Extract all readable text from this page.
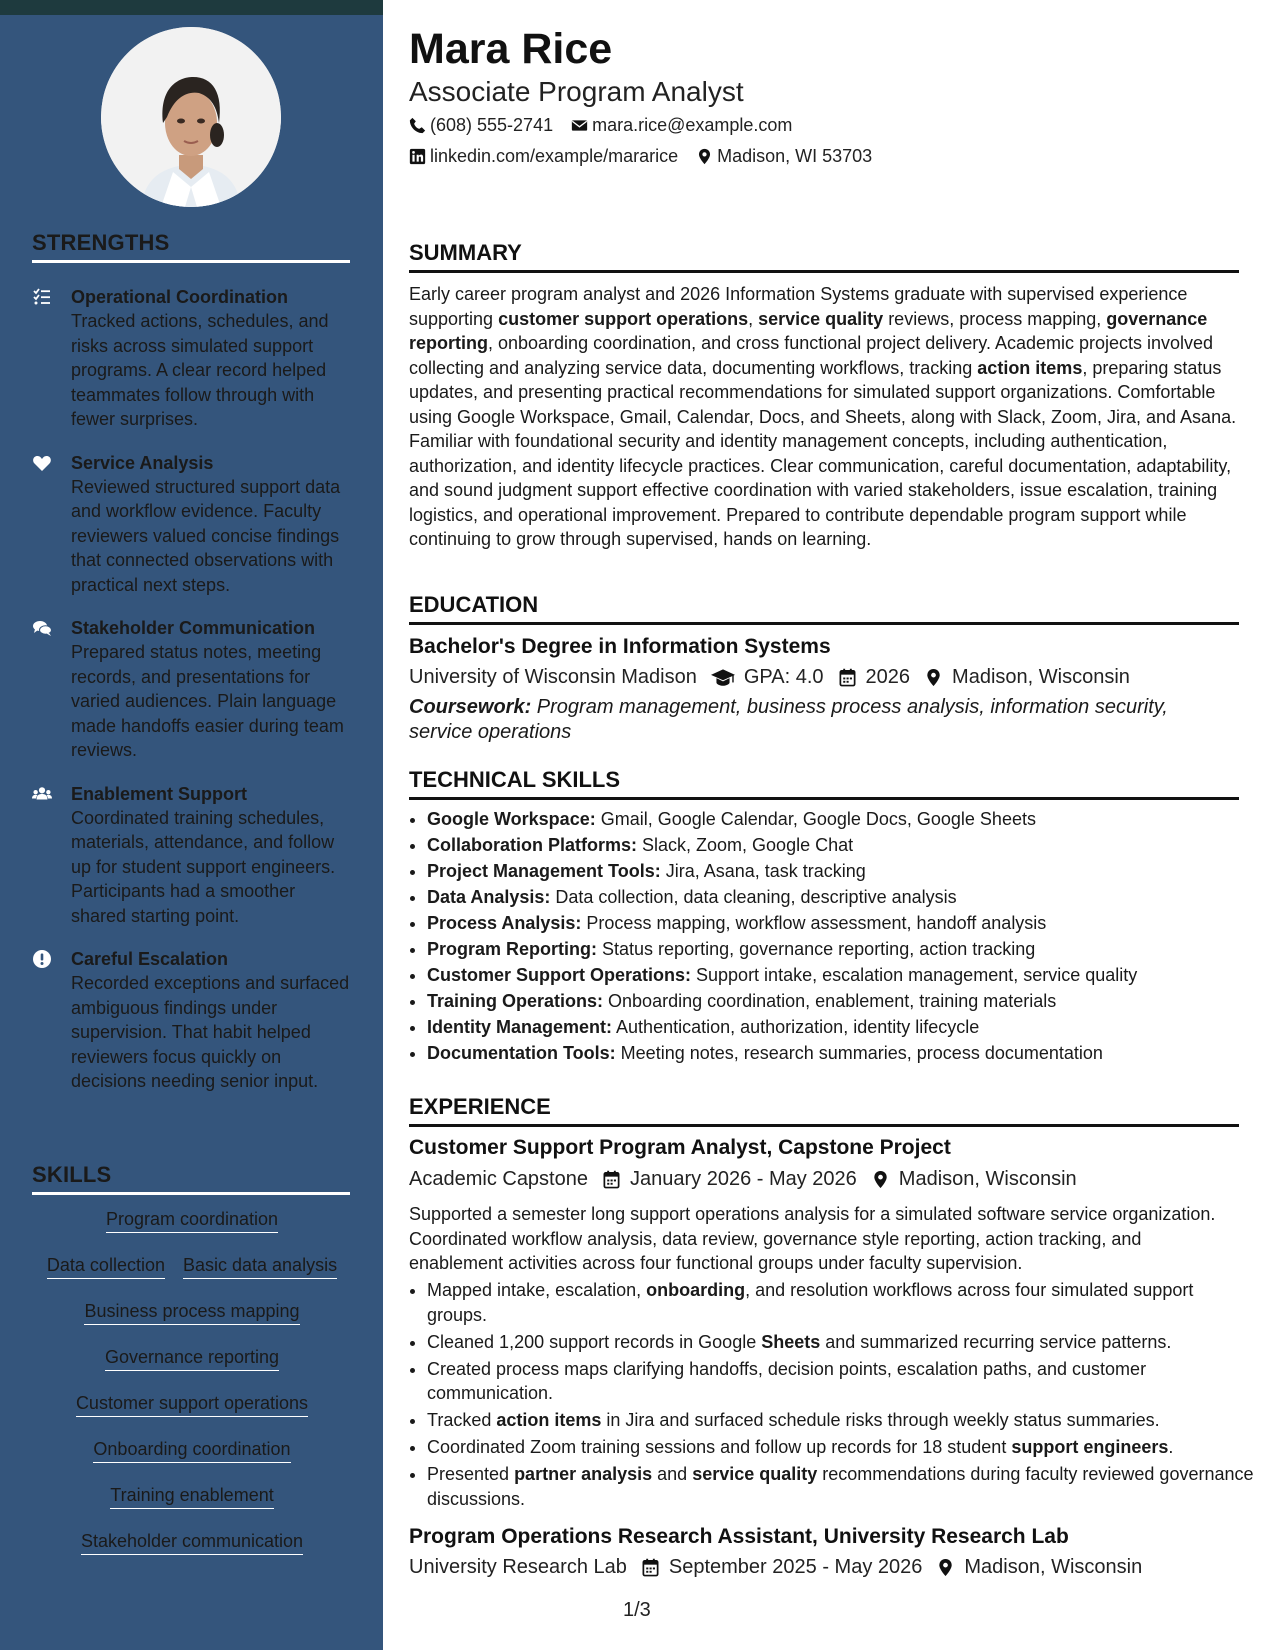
STRENGTHS
Operational Coordination
Tracked actions, schedules, and risks across simulated support programs. A clear record helped teammates follow through with fewer surprises.
Service Analysis
Reviewed structured support data and workflow evidence. Faculty reviewers valued concise findings that connected observations with practical next steps.
Stakeholder Communication
Prepared status notes, meeting records, and presentations for varied audiences. Plain language made handoffs easier during team reviews.
Enablement Support
Coordinated training schedules, materials, attendance, and follow up for student support engineers. Participants had a smoother shared starting point.
Careful Escalation
Recorded exceptions and surfaced ambiguous findings under supervision. That habit helped reviewers focus quickly on decisions needing senior input.
SKILLS
Program coordination
Data collection Basic data analysis
Business process mapping
Governance reporting
Customer support operations
Onboarding coordination
Training enablement
Stakeholder communication
Mara Rice
Associate Program Analyst
(608) 555-2741 mara.rice@example.com
linkedin.com/example/mararice Madison, WI 53703
SUMMARY

Early career program analyst and 2026 Information Systems graduate with supervised experience supporting customer support operations, service quality reviews, process mapping, governance reporting, onboarding coordination, and cross functional project delivery. Academic projects involved collecting and analyzing service data, documenting workflows, tracking action items, preparing status updates, and presenting practical recommendations for simulated support organizations. Comfortable using Google Workspace, Gmail, Calendar, Docs, and Sheets, along with Slack, Zoom, Jira, and Asana. Familiar with foundational security and identity management concepts, including authentication, authorization, and identity lifecycle practices. Clear communication, careful documentation, adaptability, and sound judgment support effective coordination with varied stakeholders, issue escalation, training logistics, and operational improvement. Prepared to contribute dependable program support while continuing to grow through supervised, hands on learning.

EDUCATION
Bachelor's Degree in Information Systems
University of Wisconsin Madison GPA: 4.0 2026 Madison, Wisconsin

Coursework: Program management, business process analysis, information security, service operations

TECHNICAL SKILLS
• Google Workspace: Gmail, Google Calendar, Google Docs, Google Sheets
• Collaboration Platforms: Slack, Zoom, Google Chat
• Project Management Tools: Jira, Asana, task tracking
• Data Analysis: Data collection, data cleaning, descriptive analysis
• Process Analysis: Process mapping, workflow assessment, handoff analysis
• Program Reporting: Status reporting, governance reporting, action tracking
• Customer Support Operations: Support intake, escalation management, service quality
• Training Operations: Onboarding coordination, enablement, training materials
• Identity Management: Authentication, authorization, identity lifecycle
• Documentation Tools: Meeting notes, research summaries, process documentation
EXPERIENCE
Customer Support Program Analyst, Capstone Project
Academic Capstone January 2026 - May 2026 Madison, Wisconsin

Supported a semester long support operations analysis for a simulated software service organization. Coordinated workflow analysis, data review, governance style reporting, action tracking, and enablement activities across four functional groups under faculty supervision.

• Mapped intake, escalation, onboarding, and resolution workflows across four simulated support groups.
• Cleaned 1,200 support records in Google Sheets and summarized recurring service patterns.
• Created process maps clarifying handoffs, decision points, escalation paths, and customer communication.
• Tracked action items in Jira and surfaced schedule risks through weekly status summaries.
• Coordinated Zoom training sessions and follow up records for 18 student support engineers.
• Presented partner analysis and service quality recommendations during faculty reviewed governance discussions.
Program Operations Research Assistant, University Research Lab
University Research Lab September 2025 - May 2026 Madison, Wisconsin
1/3
